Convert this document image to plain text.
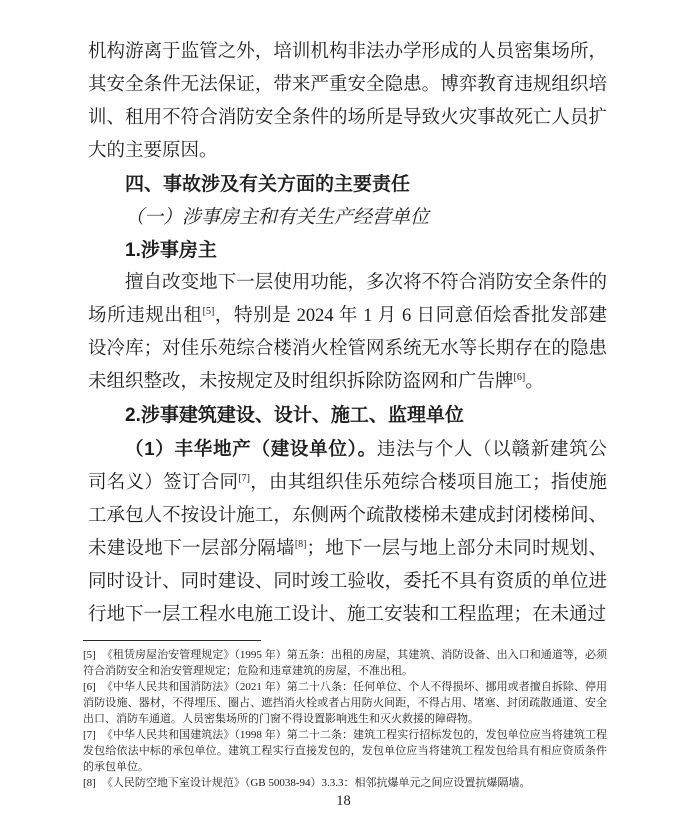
机构游离于监管之外，培训机构非法办学形成的人员密集场所，其安全条件无法保证，带来严重安全隐患。博弈教育违规组织培训、租用不符合消防安全条件的场所是导致火灾事故死亡人员扩大的主要原因。

四、事故涉及有关方面的主要责任
（一）涉事房主和有关生产经营单位
1.涉事房主

擅自改变地下一层使用功能，多次将不符合消防安全条件的场所违规出租[5]，特别是 2024 年 1 月 6 日同意佰烩香批发部建设冷库；对佳乐苑综合楼消火栓管网系统无水等长期存在的隐患未组织整改，未按规定及时组织拆除防盗网和广告牌[6]。

2.涉事建筑建设、设计、施工、监理单位

（1）丰华地产（建设单位）。违法与个人（以赣新建筑公司名义）签订合同[7]，由其组织佳乐苑综合楼项目施工；指使施工承包人不按设计施工，东侧两个疏散楼梯未建成封闭楼梯间、未建设地下一层部分隔墙[8]；地下一层与地上部分未同时规划、同时设计、同时建设、同时竣工验收，委托不具有资质的单位进行地下一层工程水电施工设计、施工安装和工程监理；在未通过

[5] 《租赁房屋治安管理规定》（1995 年）第五条：出租的房屋，其建筑、消防设备、出入口和通道等，必须符合消防安全和治安管理规定；危险和违章建筑的房屋，不准出租。

[6] 《中华人民共和国消防法》（2021 年）第二十八条：任何单位、个人不得损坏、挪用或者擅自拆除、停用消防设施、器材，不得埋压、圈占、遮挡消火栓或者占用防火间距，不得占用、堵塞、封闭疏散通道、安全出口、消防车通道。人员密集场所的门窗不得设置影响逃生和灭火救援的障碍物。

[7] 《中华人民共和国建筑法》（1998 年）第二十二条：建筑工程实行招标发包的，发包单位应当将建筑工程发包给依法中标的承包单位。建筑工程实行直接发包的，发包单位应当将建筑工程发包给具有相应资质条件的承包单位。

[8] 《人民防空地下室设计规范》（GB 50038-94）3.3.3：相邻抗爆单元之间应设置抗爆隔墙。

18
